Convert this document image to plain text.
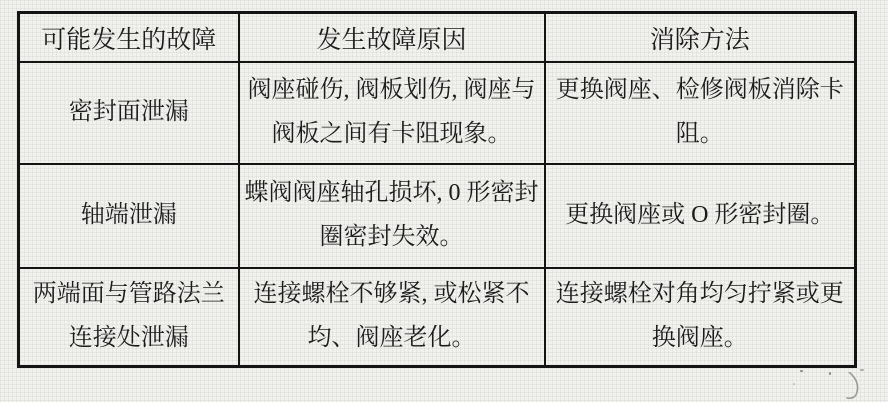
可能发生的故障	发生故障原因	消除方法
密封面泄漏	阀座碰伤, 阀板划伤, 阀座与阀板之间有卡阻现象。	更换阀座、检修阀板消除卡阻。
轴端泄漏	蝶阀阀座轴孔损坏, 0 形密封圈密封失效。	更换阀座或 O 形密封圈。
两端面与管路法兰连接处泄漏	连接螺栓不够紧, 或松紧不均、阀座老化。	连接螺栓对角均匀拧紧或更换阀座。
